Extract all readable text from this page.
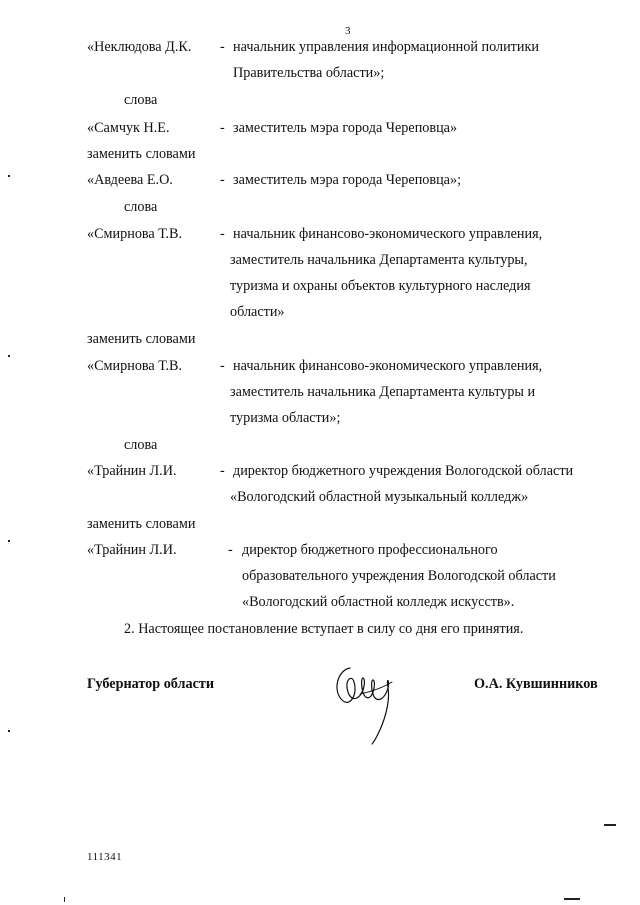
3
«Неклюдова Д.К. - начальник управления информационной политики
Правительства области»;
слова
«Самчук Н.Е.	- заместитель мэра города Череповца»
заменить словами
«Авдеева Е.О.	- заместитель мэра города Череповца»;
слова
«Смирнова Т.В.	- начальник финансово-экономического управления,
заместитель начальника Департамента культуры,
туризма и охраны объектов культурного наследия
области»
заменить словами
«Смирнова Т.В.	- начальник финансово-экономического управления,
заместитель начальника Департамента культуры и
туризма области»;
слова
«Трайнин Л.И.	- директор бюджетного учреждения Вологодской области
«Вологодский областной музыкальный колледж»
заменить словами
«Трайнин Л.И.	- директор бюджетного профессионального
образовательного учреждения Вологодской области
«Вологодский областной колледж искусств».
2. Настоящее постановление вступает в силу со дня его принятия.
Губернатор области	О.А. Кувшинников
111341
